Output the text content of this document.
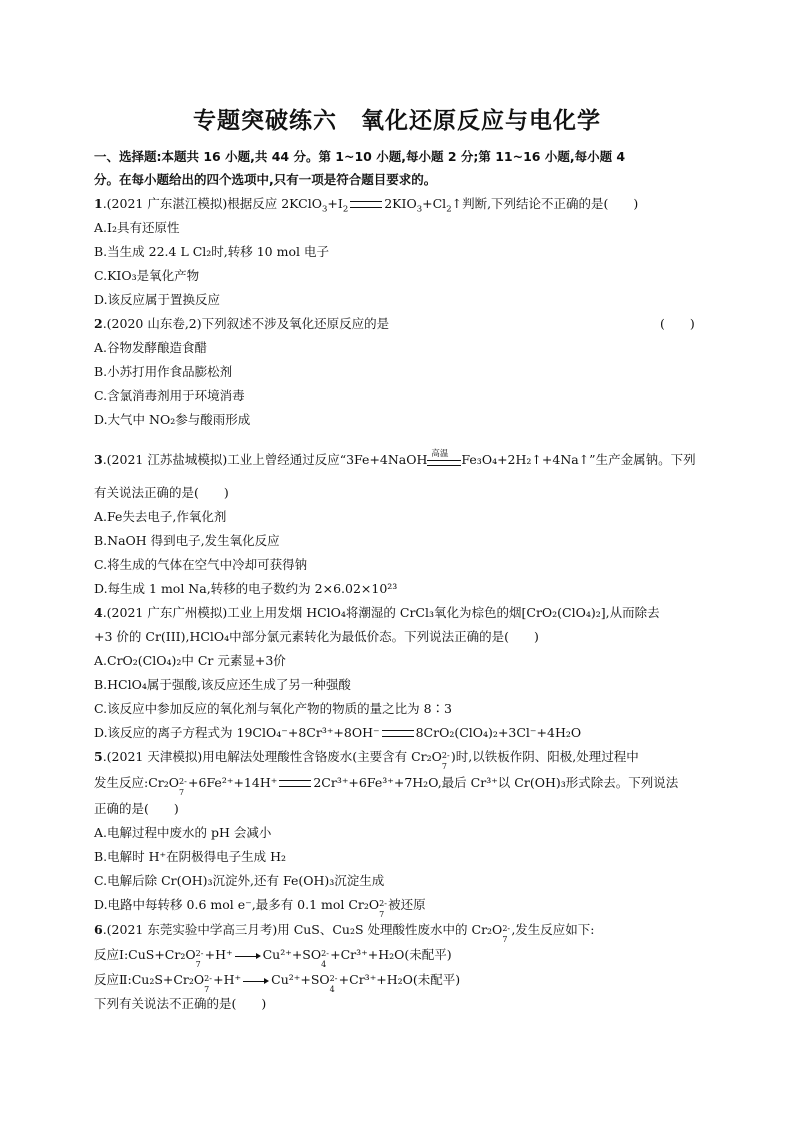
专题突破练六　氧化还原反应与电化学
一、选择题:本题共 16 小题,共 44 分。第 1~10 小题,每小题 2 分;第 11~16 小题,每小题 4
分。在每小题给出的四个选项中,只有一项是符合题目要求的。
1.(2021 广东湛江模拟)根据反应 $2KClO_3+I_2$	$2KIO_3+Cl_2↑$判断,下列结论不正确的是(　　)
A.I₂具有还原性
B.当生成 22.4 L Cl₂时,转移 10 mol 电子
C.KIO₃是氧化产物
D.该反应属于置换反应
2.(2020 山东卷,2)下列叙述不涉及氧化还原反应的是	(　　)
A.谷物发酵酿造食醋
B.小苏打用作食品膨松剂
C.含氯消毒剂用于环境消毒
D.大气中 NO₂参与酸雨形成
3.(2021 江苏盐城模拟)工业上曾经通过反应“3Fe+4NaOH 高温 Fe₃O₄+2H₂↑+4Na↑”生产金属钠。下列
有关说法正确的是(　　)
A.Fe失去电子,作氧化剂
B.NaOH 得到电子,发生氧化反应
C.将生成的气体在空气中冷却可获得钠
D.每生成 1 mol Na,转移的电子数约为 2×6.02×10²³
4.(2021 广东广州模拟)工业上用发烟 HClO₄将潮湿的 CrCl₃氧化为棕色的烟[CrO₂(ClO₄)₂],从而除去
+3 价的 Cr(III),HClO₄中部分氯元素转化为最低价态。下列说法正确的是(　　)
A.CrO₂(ClO₄)₂中 Cr 元素显+3价
B.HClO₄属于强酸,该反应还生成了另一种强酸
C.该反应中参加反应的氧化剂与氧化产物的物质的量之比为 8∶3
D.该反应的离子方程式为 19ClO₄⁻+8Cr³⁺+8OH⁻	8CrO₂(ClO₄)₂+3Cl⁻+4H₂O
5.(2021 天津模拟)用电解法处理酸性含铬废水(主要含有 Cr₂O 2-
7
)时,以铁板作阴、阳极,处理过程中
发生反应:Cr₂O 2-
7
+6Fe²⁺+14H⁺	2Cr³⁺+6Fe³⁺+7H₂O,最后 Cr³⁺以 Cr(OH)₃形式除去。下列说法
正确的是(　　)
A.电解过程中废水的 pH 会减小
B.电解时 H⁺在阴极得电子生成 H₂
C.电解后除 Cr(OH)₃沉淀外,还有 Fe(OH)₃沉淀生成
D.电路中每转移 0.6 mol e⁻,最多有 0.1 mol Cr₂O 2-
7
被还原
6.(2021 东莞实验中学高三月考)用 CuS、Cu₂S 处理酸性废水中的 Cr₂O 2-
7
,发生反应如下:
反应Ⅰ:CuS+Cr₂O 2-
7
+H⁺ Cu²⁺+SO 2-
4
+Cr³⁺+H₂O(未配平)
反应Ⅱ:Cu₂S+Cr₂O 2-
7
+H⁺ Cu²⁺+SO 2-
4
+Cr³⁺+H₂O(未配平)
下列有关说法不正确的是(　　)
